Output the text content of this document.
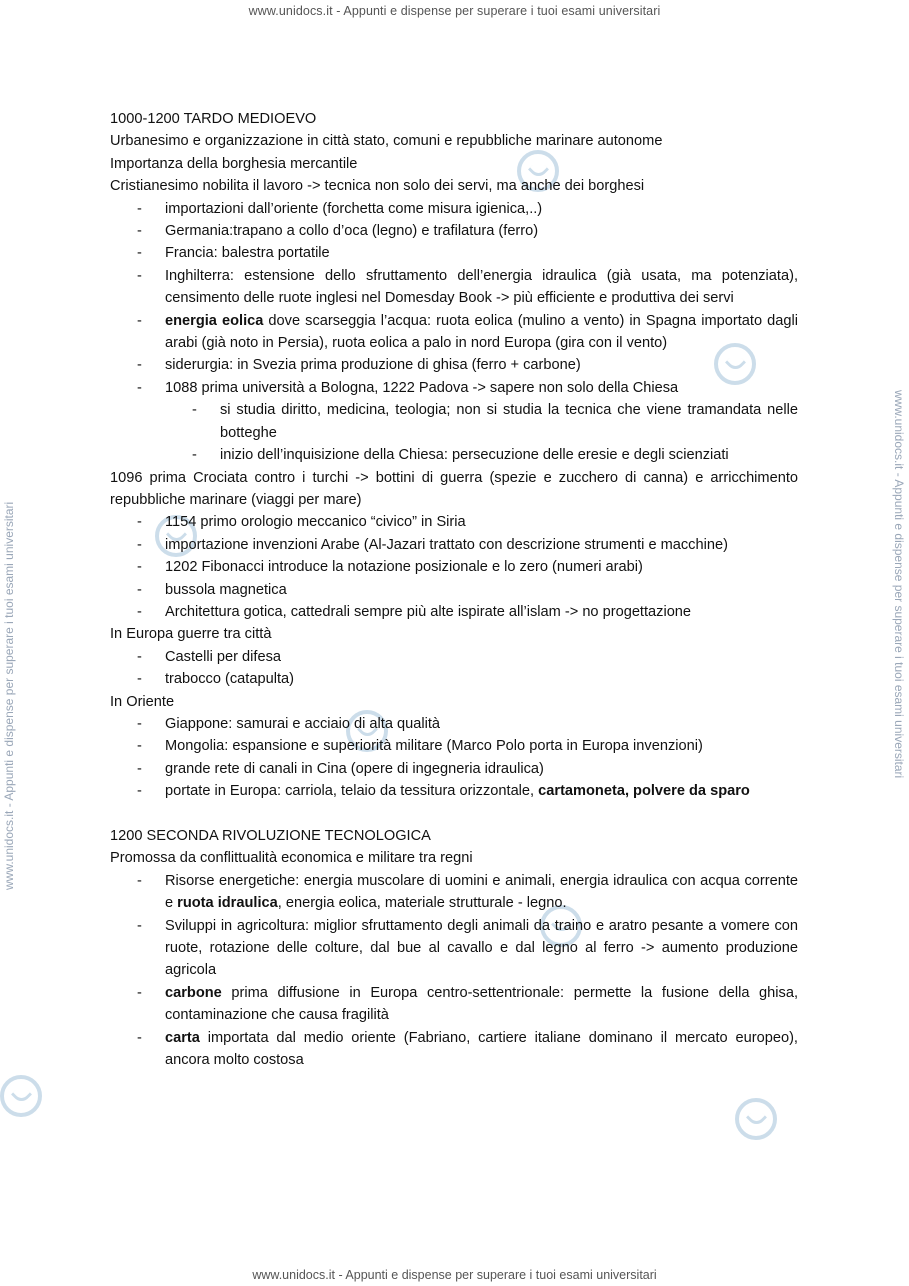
www.unidocs.it - Appunti e dispense per superare i tuoi esami universitari
www.unidocs.it - Appunti e dispense per superare i tuoi esami universitari
www.unidocs.it - Appunti e dispense per superare i tuoi esami universitari	www.unidocs.it - Appunti e dispense per superare i tuoi esami universitari

1000-1200 TARDO MEDIOEVO

Urbanesimo e organizzazione in città stato, comuni e repubbliche marinare autonome

Importanza della borghesia mercantile

Cristianesimo nobilita il lavoro -> tecnica non solo dei servi, ma anche dei borghesi

- importazioni dall’oriente (forchetta come misura igienica,..)
- Germania:trapano a collo d’oca (legno) e trafilatura (ferro)
- Francia: balestra portatile
- Inghilterra: estensione dello sfruttamento dell’energia idraulica (già usata, ma potenziata), censimento delle ruote inglesi nel Domesday Book -> più efficiente e produttiva dei servi
- energia eolica dove scarseggia l’acqua: ruota eolica (mulino a vento) in Spagna importato dagli arabi (già noto in Persia), ruota eolica a palo in nord Europa (gira con il vento)
- siderurgia: in Svezia prima produzione di ghisa (ferro + carbone)
- 1088 prima università a Bologna, 1222 Padova -> sapere non solo della Chiesa
- si studia diritto, medicina, teologia; non si studia la tecnica che viene tramandata nelle botteghe
- inizio dell’inquisizione della Chiesa: persecuzione delle eresie e degli scienziati

1096 prima Crociata contro i turchi -> bottini di guerra (spezie e zucchero di canna) e arricchimento repubbliche marinare (viaggi per mare)

- 1154 primo orologio meccanico “civico” in Siria
- importazione invenzioni Arabe (Al-Jazari trattato con descrizione strumenti e macchine)
- 1202 Fibonacci introduce la notazione posizionale e lo zero (numeri arabi)
- bussola magnetica
- Architettura gotica, cattedrali sempre più alte ispirate all’islam -> no progettazione

In Europa guerre tra città

- Castelli per difesa
- trabocco (catapulta)

In Oriente

- Giappone: samurai e acciaio di alta qualità
- Mongolia: espansione e superiorità militare (Marco Polo porta in Europa invenzioni)
- grande rete di canali in Cina (opere di ingegneria idraulica)
- portate in Europa: carriola, telaio da tessitura orizzontale, cartamoneta, polvere da sparo

1200 SECONDA RIVOLUZIONE TECNOLOGICA

Promossa da conflittualità economica e militare tra regni

- Risorse energetiche: energia muscolare di uomini e animali, energia idraulica con acqua corrente e ruota idraulica, energia eolica, materiale strutturale - legno.
- Sviluppi in agricoltura: miglior sfruttamento degli animali da traino e aratro pesante a vomere con ruote, rotazione delle colture, dal bue al cavallo e dal legno al ferro -> aumento produzione agricola
- carbone prima diffusione in Europa centro-settentrionale: permette la fusione della ghisa, contaminazione che causa fragilità
- carta importata dal medio oriente (Fabriano, cartiere italiane dominano il mercato europeo), ancora molto costosa
